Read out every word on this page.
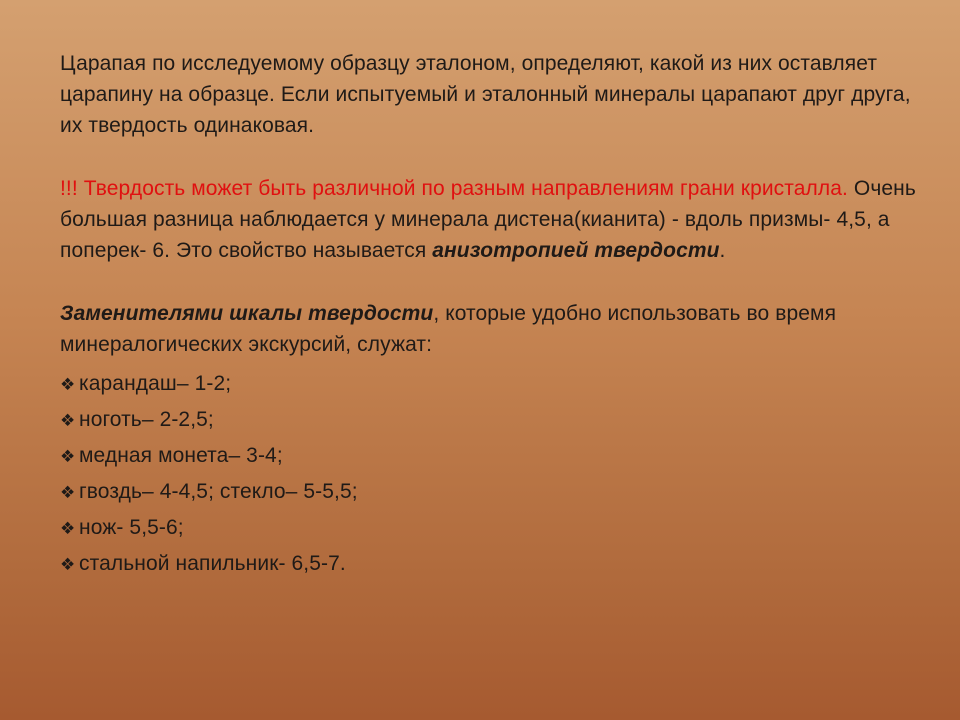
Царапая по исследуемому образцу эталоном, определяют, какой из них оставляет царапину на образце. Если испытуемый и эталонный минералы царапают друг друга, их твердость одинаковая.

!!! Твердость может быть различной по разным направлениям грани кристалла. Очень большая разница наблюдается у минерала дистена(кианита) - вдоль призмы- 4,5, а поперек- 6. Это свойство называется анизотропией твердости.

Заменителями шкалы твердости, которые удобно использовать во время минералогических экскурсий, служат:

❖ карандаш– 1-2;
❖ ноготь– 2-2,5;
❖ медная монета– 3-4;
❖ гвоздь– 4-4,5; стекло– 5-5,5;
❖ нож- 5,5-6;
❖ стальной напильник- 6,5-7.
